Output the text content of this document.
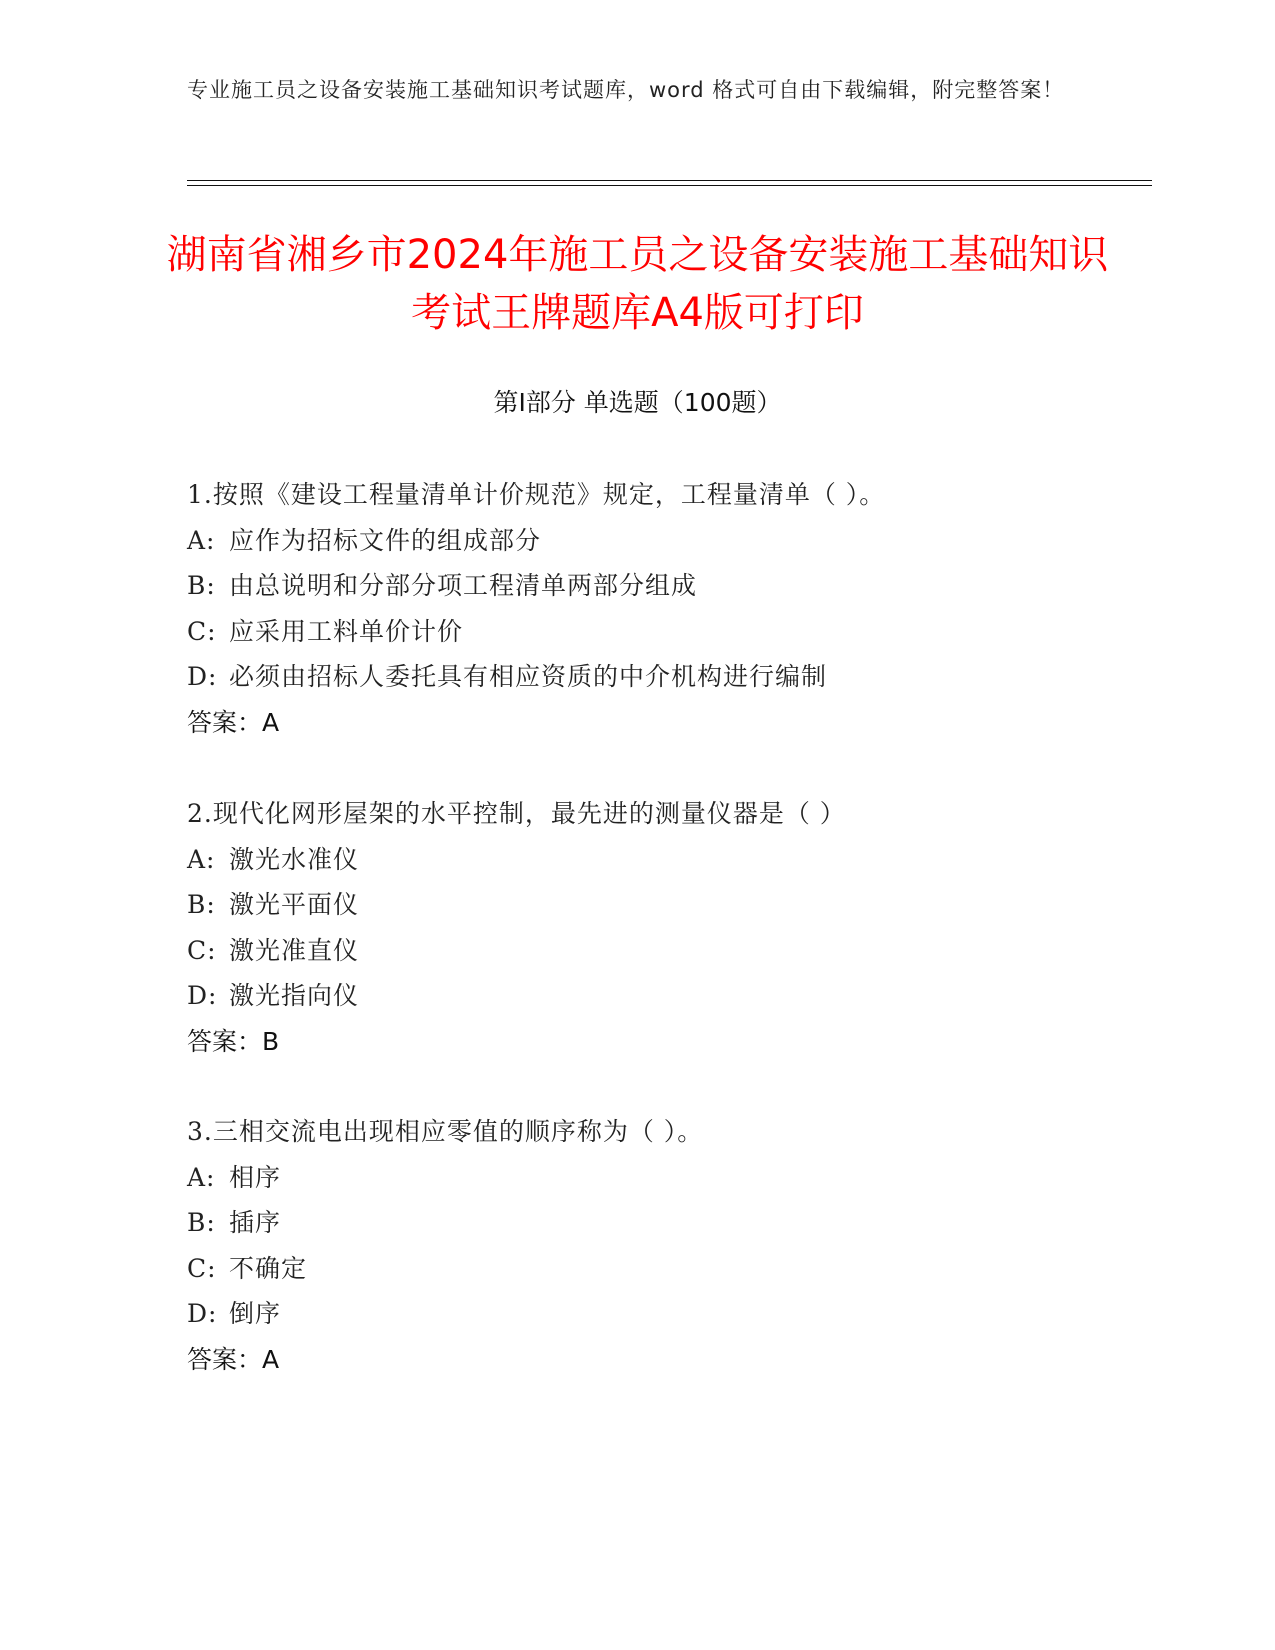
专业施工员之设备安装施工基础知识考试题库，word 格式可自由下载编辑，附完整答案！
湖南省湘乡市2024年施工员之设备安装施工基础知识考试王牌题库A4版可打印
第Ⅰ部分 单选题（100题）
1.按照《建设工程量清单计价规范》规定，工程量清单（ ）。
A: 应作为招标文件的组成部分
B: 由总说明和分部分项工程清单两部分组成
C: 应采用工料单价计价
D: 必须由招标人委托具有相应资质的中介机构进行编制
答案：A
2.现代化网形屋架的水平控制，最先进的测量仪器是（ ）
A: 激光水准仪
B: 激光平面仪
C: 激光准直仪
D: 激光指向仪
答案：B
3.三相交流电出现相应零值的顺序称为（ ）。
A: 相序
B: 插序
C: 不确定
D: 倒序
答案：A
